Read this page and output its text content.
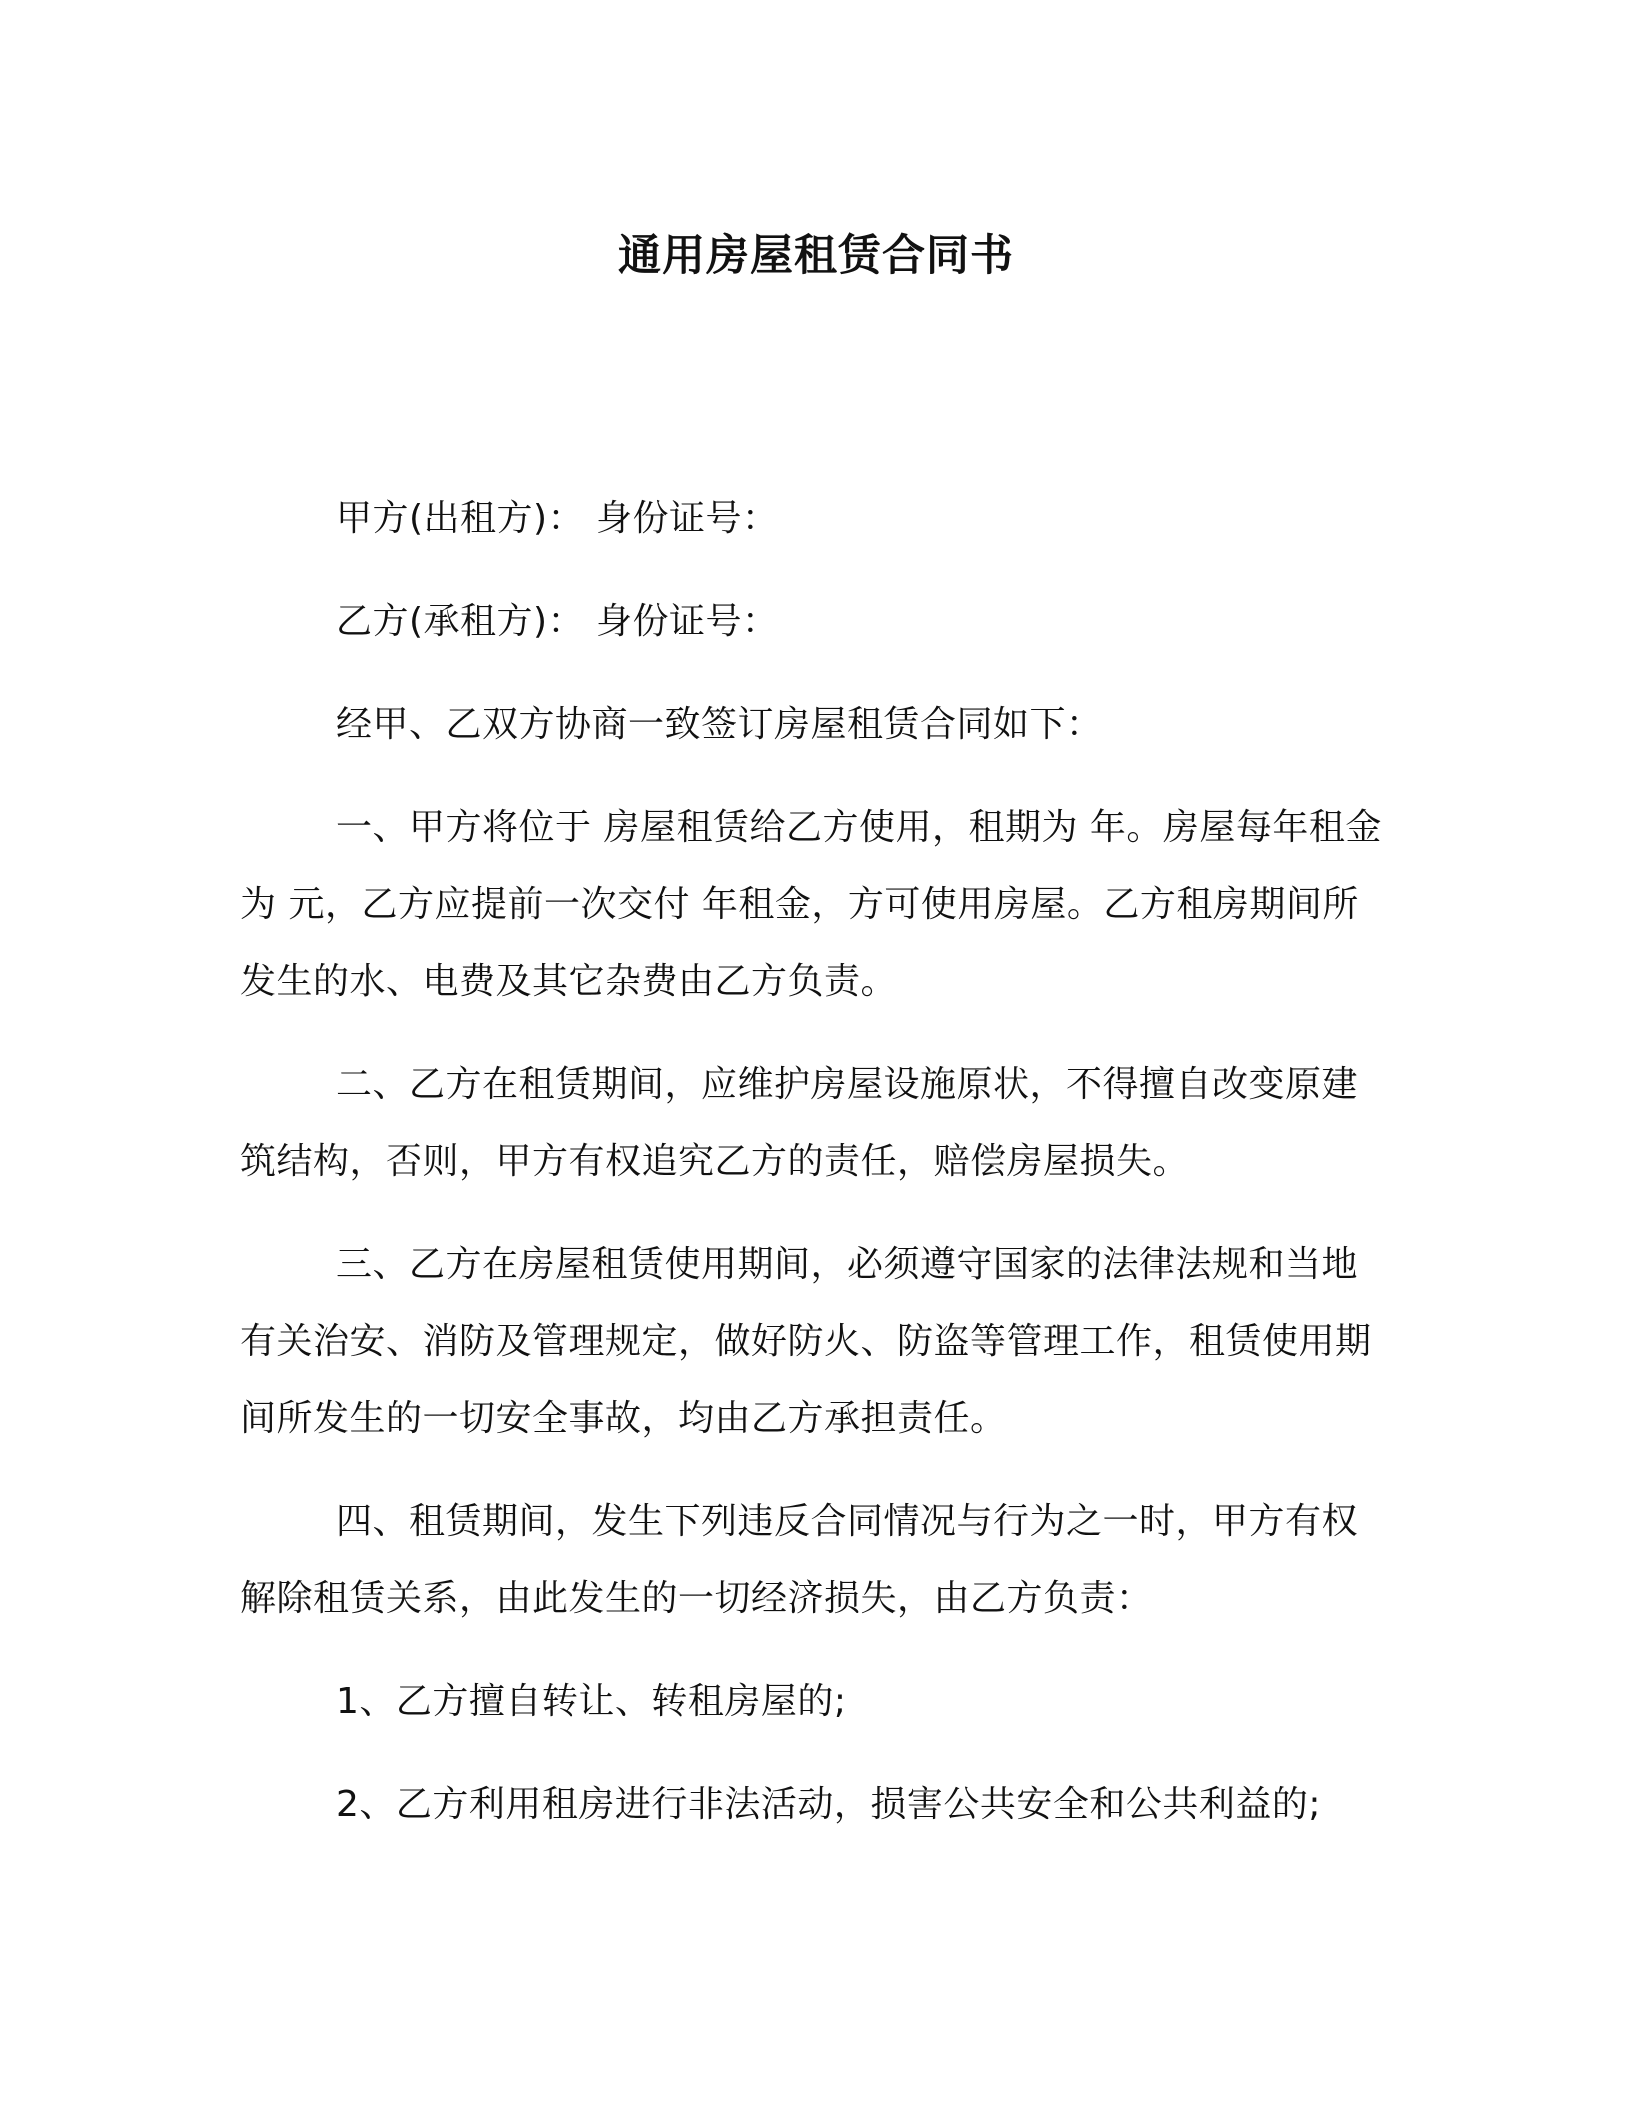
通用房屋租赁合同书

甲方(出租方)： 身份证号：

乙方(承租方)： 身份证号：

经甲、乙双方协商一致签订房屋租赁合同如下：

一、甲方将位于 房屋租赁给乙方使用，租期为 年。房屋每年租金为 元，乙方应提前一次交付 年租金，方可使用房屋。乙方租房期间所发生的水、电费及其它杂费由乙方负责。

二、乙方在租赁期间，应维护房屋设施原状，不得擅自改变原建筑结构，否则，甲方有权追究乙方的责任，赔偿房屋损失。

三、乙方在房屋租赁使用期间，必须遵守国家的法律法规和当地有关治安、消防及管理规定，做好防火、防盗等管理工作，租赁使用期间所发生的一切安全事故，均由乙方承担责任。

四、租赁期间，发生下列违反合同情况与行为之一时，甲方有权解除租赁关系，由此发生的一切经济损失，由乙方负责：

1、乙方擅自转让、转租房屋的;

2、乙方利用租房进行非法活动，损害公共安全和公共利益的;
